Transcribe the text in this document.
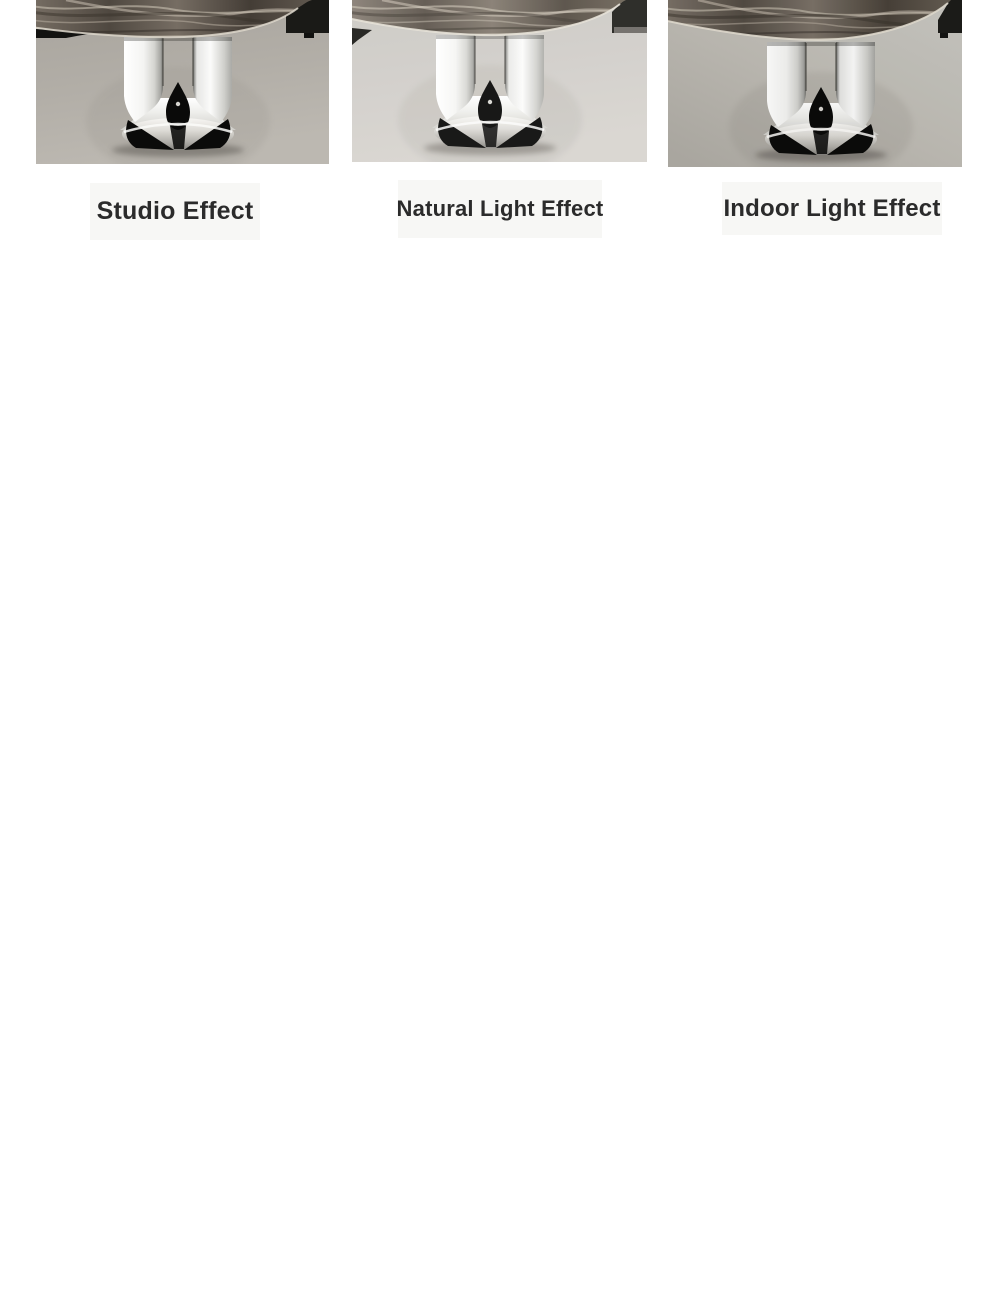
Studio Effect	Natural Light Effect	Indoor Light Effect
